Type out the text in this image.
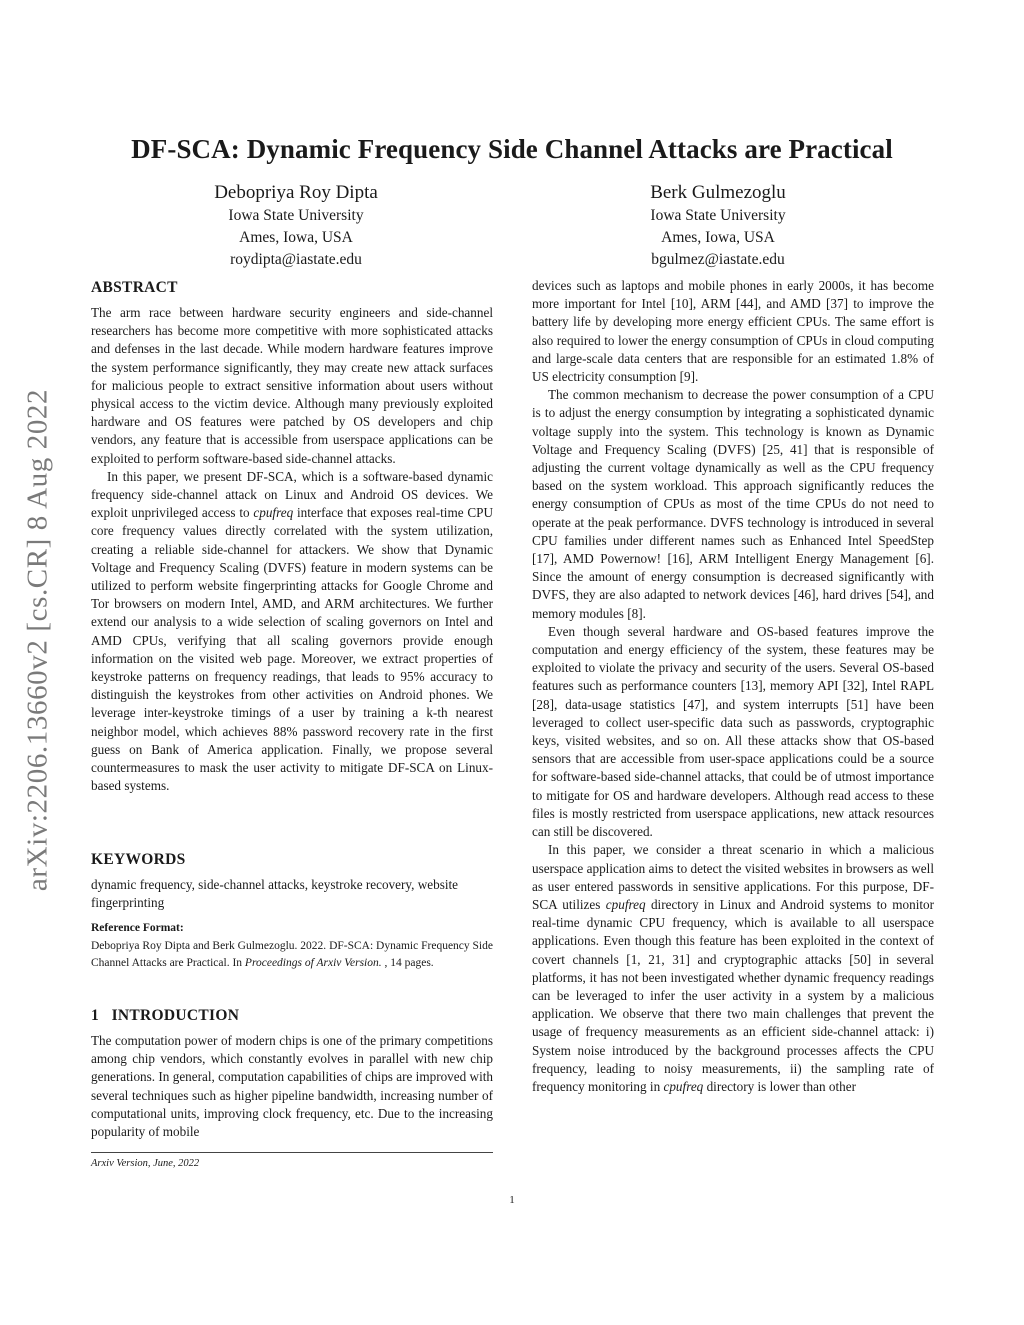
DF-SCA: Dynamic Frequency Side Channel Attacks are Practical
Debopriya Roy Dipta
Iowa State University
Ames, Iowa, USA
roydipta@iastate.edu
Berk Gulmezoglu
Iowa State University
Ames, Iowa, USA
bgulmez@iastate.edu
arXiv:2206.13660v2 [cs.CR] 8 Aug 2022
ABSTRACT

The arm race between hardware security engineers and side-channel researchers has become more competitive with more sophisticated attacks and defenses in the last decade. While modern hardware features improve the system performance significantly, they may create new attack surfaces for malicious people to extract sensitive information about users without physical access to the victim device. Although many previously exploited hardware and OS features were patched by OS developers and chip vendors, any feature that is accessible from userspace applications can be exploited to perform software-based side-channel attacks.

In this paper, we present DF-SCA, which is a software-based dynamic frequency side-channel attack on Linux and Android OS devices. We exploit unprivileged access to cpufreq interface that exposes real-time CPU core frequency values directly correlated with the system utilization, creating a reliable side-channel for attackers. We show that Dynamic Voltage and Frequency Scaling (DVFS) feature in modern systems can be utilized to perform website fingerprinting attacks for Google Chrome and Tor browsers on modern Intel, AMD, and ARM architectures. We further extend our analysis to a wide selection of scaling governors on Intel and AMD CPUs, verifying that all scaling governors provide enough information on the visited web page. Moreover, we extract properties of keystroke patterns on frequency readings, that leads to 95% accuracy to distinguish the keystrokes from other activities on Android phones. We leverage inter-keystroke timings of a user by training a k-th nearest neighbor model, which achieves 88% password recovery rate in the first guess on Bank of America application. Finally, we propose several countermeasures to mask the user activity to mitigate DF-SCA on Linux-based systems.

KEYWORDS

dynamic frequency, side-channel attacks, keystroke recovery, website fingerprinting

Reference Format:

Debopriya Roy Dipta and Berk Gulmezoglu. 2022. DF-SCA: Dynamic Frequency Side Channel Attacks are Practical. In Proceedings of Arxiv Version. , 14 pages.

1   INTRODUCTION

The computation power of modern chips is one of the primary competitions among chip vendors, which constantly evolves in parallel with new chip generations. In general, computation capabilities of chips are improved with several techniques such as higher pipeline bandwidth, increasing number of computational units, improving clock frequency, etc. Due to the increasing popularity of mobile

devices such as laptops and mobile phones in early 2000s, it has become more important for Intel [10], ARM [44], and AMD [37] to improve the battery life by developing more energy efficient CPUs. The same effort is also required to lower the energy consumption of CPUs in cloud computing and large-scale data centers that are responsible for an estimated 1.8% of US electricity consumption [9].

The common mechanism to decrease the power consumption of a CPU is to adjust the energy consumption by integrating a sophisticated dynamic voltage supply into the system. This technology is known as Dynamic Voltage and Frequency Scaling (DVFS) [25, 41] that is responsible of adjusting the current voltage dynamically as well as the CPU frequency based on the system workload. This approach significantly reduces the energy consumption of CPUs as most of the time CPUs do not need to operate at the peak performance. DVFS technology is introduced in several CPU families under different names such as Enhanced Intel SpeedStep [17], AMD Powernow! [16], ARM Intelligent Energy Management [6]. Since the amount of energy consumption is decreased significantly with DVFS, they are also adapted to network devices [46], hard drives [54], and memory modules [8].

Even though several hardware and OS-based features improve the computation and energy efficiency of the system, these features may be exploited to violate the privacy and security of the users. Several OS-based features such as performance counters [13], memory API [32], Intel RAPL [28], data-usage statistics [47], and system interrupts [51] have been leveraged to collect user-specific data such as passwords, cryptographic keys, visited websites, and so on. All these attacks show that OS-based sensors that are accessible from user-space applications could be a source for software-based side-channel attacks, that could be of utmost importance to mitigate for OS and hardware developers. Although read access to these files is mostly restricted from userspace applications, new attack resources can still be discovered.

In this paper, we consider a threat scenario in which a malicious userspace application aims to detect the visited websites in browsers as well as user entered passwords in sensitive applications. For this purpose, DF-SCA utilizes cpufreq directory in Linux and Android systems to monitor real-time dynamic CPU frequency, which is available to all userspace applications. Even though this feature has been exploited in the context of covert channels [1, 21, 31] and cryptographic attacks [50] in several platforms, it has not been investigated whether dynamic frequency readings can be leveraged to infer the user activity in a system by a malicious application. We observe that there two main challenges that prevent the usage of frequency measurements as an efficient side-channel attack: i) System noise introduced by the background processes affects the CPU frequency, leading to noisy measurements, ii) the sampling rate of frequency monitoring in cpufreq directory is lower than other

Arxiv Version, June, 2022
1
